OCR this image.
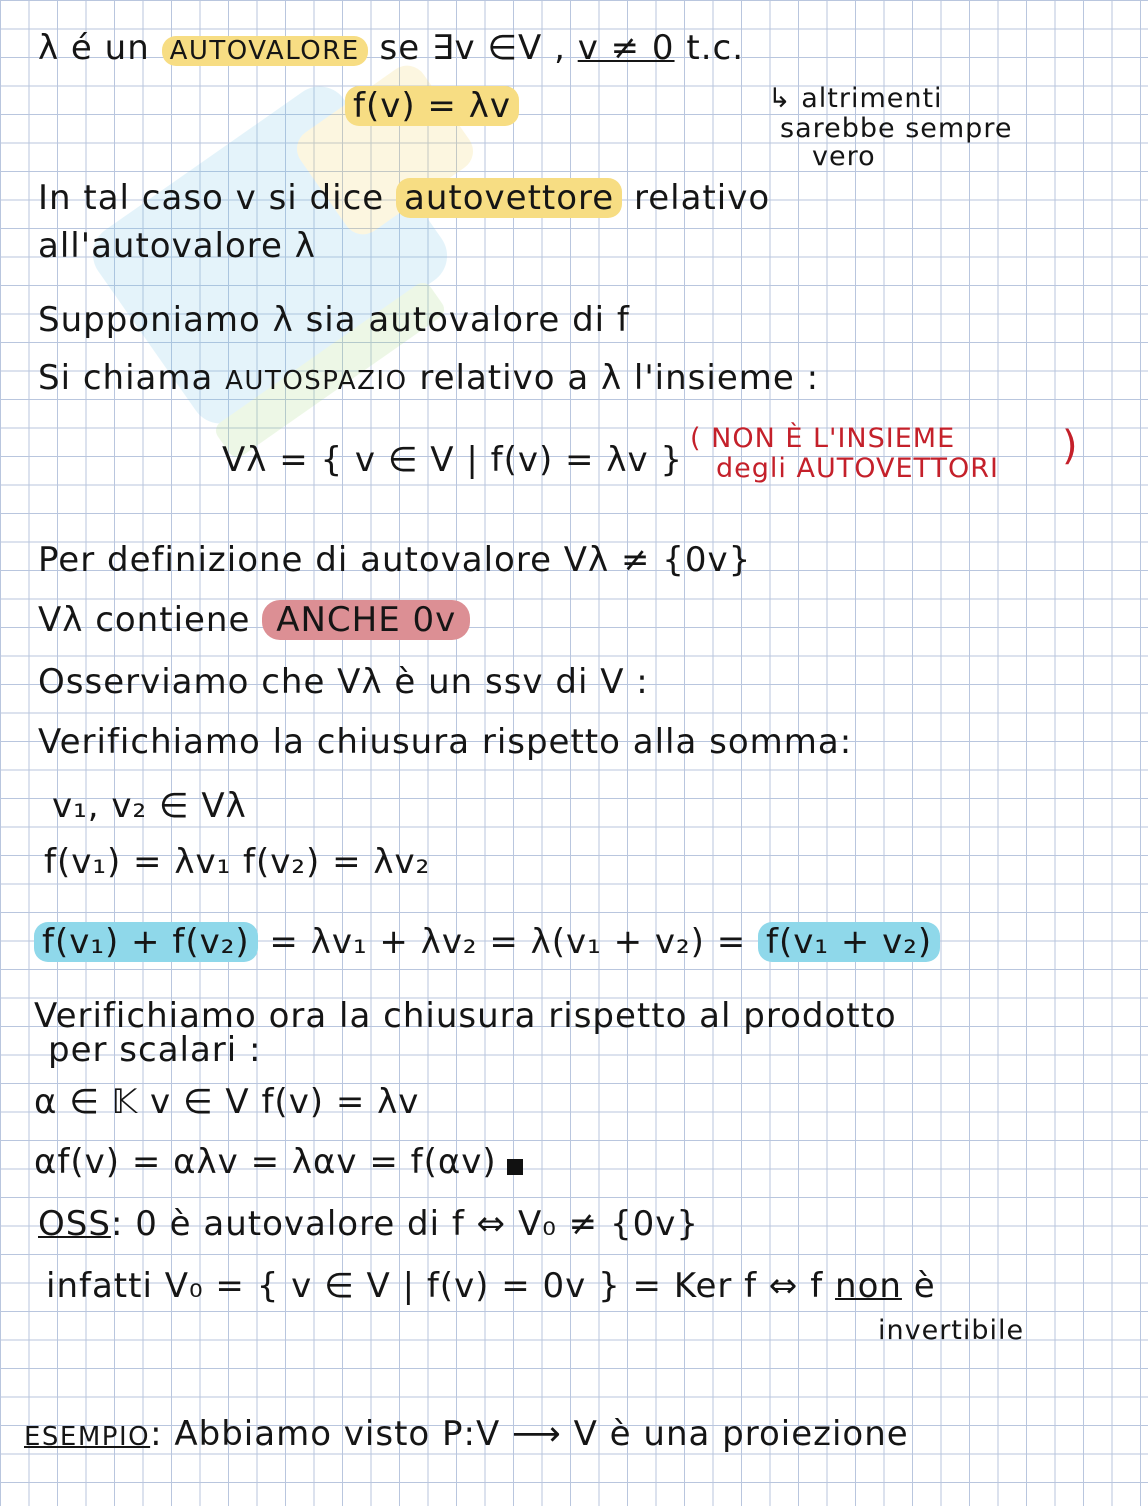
λ é un AUTOVALORE se ∃v ∈V , v ≠ 0 t.c.
f(v) = λv	↳ altrimenti
sarebbe sempre
vero
In tal caso v si dice autovettore relativo
all'autovalore λ
Supponiamo λ sia autovalore di f
Si chiama AUTOSPAZIO relativo a λ l'insieme :
Vλ = { v ∈ V | f(v) = λv }
( NON È L'INSIEME
degli AUTOVETTORI )
Per definizione di autovalore Vλ ≠ {0v}
Vλ contiene ANCHE 0v
Osserviamo che Vλ è un ssv di V :
Verifichiamo la chiusura rispetto alla somma:
v₁, v₂ ∈ Vλ
f(v₁) = λv₁ f(v₂) = λv₂
f(v₁) + f(v₂) = λv₁ + λv₂ = λ(v₁ + v₂) = f(v₁ + v₂)
Verifichiamo ora la chiusura rispetto al prodotto
per scalari :
α ∈ 𝕂 v ∈ V f(v) = λv
αf(v) = αλv = λαv = f(αv)
OSS: 0 è autovalore di f ⇔ V₀ ≠ {0v}
infatti V₀ = { v ∈ V | f(v) = 0v } = Ker f ⇔ f non è
invertibile
ESEMPIO: Abbiamo visto P:V ⟶ V è una proiezione
